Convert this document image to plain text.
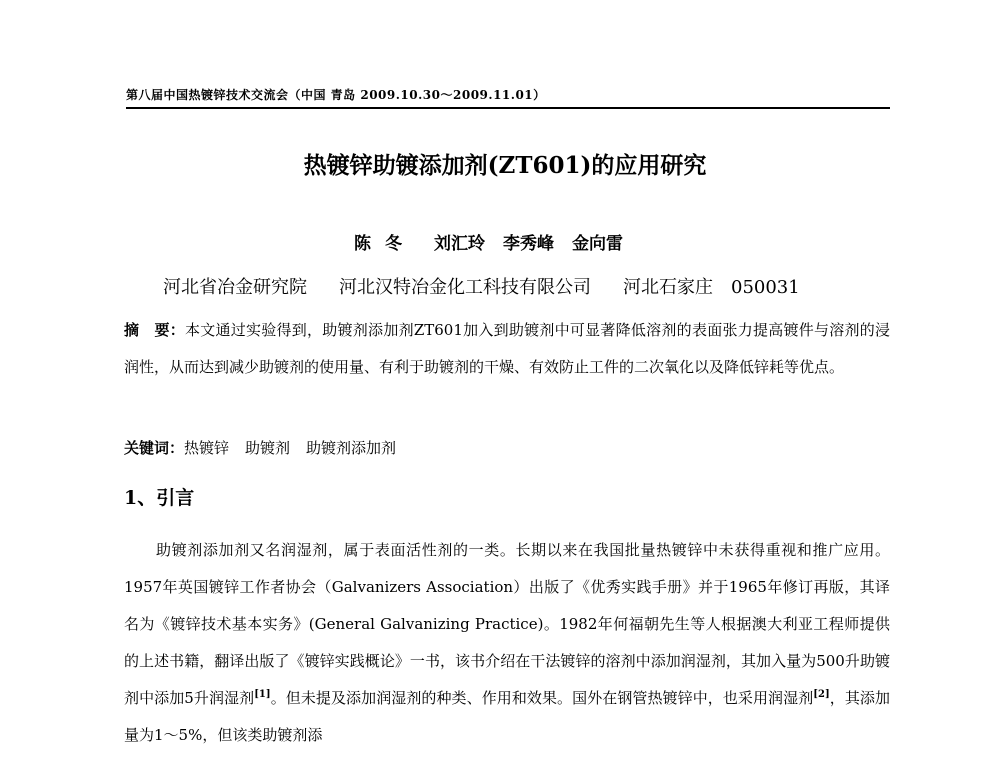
第八届中国热镀锌技术交流会（中国 青岛 2009.10.30～2009.11.01）
热镀锌助镀添加剂(ZT601)的应用研究
陈冬 刘汇玲 李秀峰 金向雷
河北省冶金研究院 河北汉特冶金化工科技有限公司 河北石家庄　050031
摘　要：本文通过实验得到，助镀剂添加剂ZT601加入到助镀剂中可显著降低溶剂的表面张力提高镀件与溶剂的浸润性，从而达到减少助镀剂的使用量、有利于助镀剂的干燥、有效防止工件的二次氧化以及降低锌耗等优点。
关键词：热镀锌 助镀剂 助镀剂添加剂
1、引言

助镀剂添加剂又名润湿剂，属于表面活性剂的一类。长期以来在我国批量热镀锌中未获得重视和推广应用。1957年英国镀锌工作者协会（Galvanizers Association）出版了《优秀实践手册》并于1965年修订再版，其译名为《镀锌技术基本实务》(General Galvanizing Practice)。1982年何福朝先生等人根据澳大利亚工程师提供的上述书籍，翻译出版了《镀锌实践概论》一书，该书介绍在干法镀锌的溶剂中添加润湿剂，其加入量为500升助镀剂中添加5升润湿剂[1]。但未提及添加润湿剂的种类、作用和效果。国外在钢管热镀锌中，也采用润湿剂[2]，其添加量为1～5%，但该类助镀剂添
